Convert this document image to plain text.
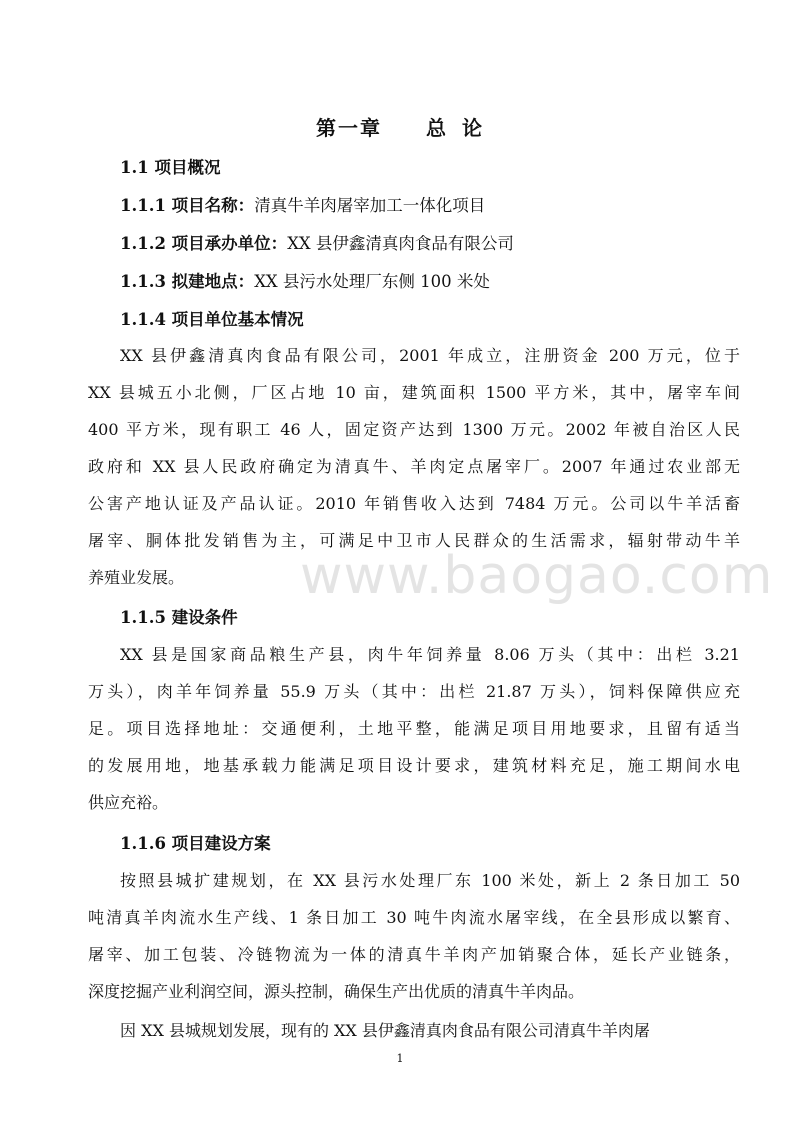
www.baogao.com
第一章 总 论
1.1 项目概况
1.1.1 项目名称：清真牛羊肉屠宰加工一体化项目
1.1.2 项目承办单位：XX 县伊鑫清真肉食品有限公司
1.1.3 拟建地点：XX 县污水处理厂东侧 100 米处
1.1.4 项目单位基本情况
XX 县伊鑫清真肉食品有限公司，2001 年成立，注册资金 200 万元，位于
XX 县城五小北侧，厂区占地 10 亩，建筑面积 1500 平方米，其中，屠宰车间
400 平方米，现有职工 46 人，固定资产达到 1300 万元。2002 年被自治区人民
政府和 XX 县人民政府确定为清真牛、羊肉定点屠宰厂。2007 年通过农业部无
公害产地认证及产品认证。2010 年销售收入达到 7484 万元。公司以牛羊活畜
屠宰、胴体批发销售为主，可满足中卫市人民群众的生活需求，辐射带动牛羊
养殖业发展。
1.1.5 建设条件
XX 县是国家商品粮生产县，肉牛年饲养量 8.06 万头（其中：出栏 3.21
万头），肉羊年饲养量 55.9 万头（其中：出栏 21.87 万头），饲料保障供应充
足。项目选择地址：交通便利，土地平整，能满足项目用地要求，且留有适当
的发展用地，地基承载力能满足项目设计要求，建筑材料充足，施工期间水电
供应充裕。
1.1.6 项目建设方案
按照县城扩建规划，在 XX 县污水处理厂东 100 米处，新上 2 条日加工 50
吨清真羊肉流水生产线、1 条日加工 30 吨牛肉流水屠宰线，在全县形成以繁育、
屠宰、加工包装、冷链物流为一体的清真牛羊肉产加销聚合体，延长产业链条，
深度挖掘产业利润空间，源头控制，确保生产出优质的清真牛羊肉品。
因 XX 县城规划发展，现有的 XX 县伊鑫清真肉食品有限公司清真牛羊肉屠
1
